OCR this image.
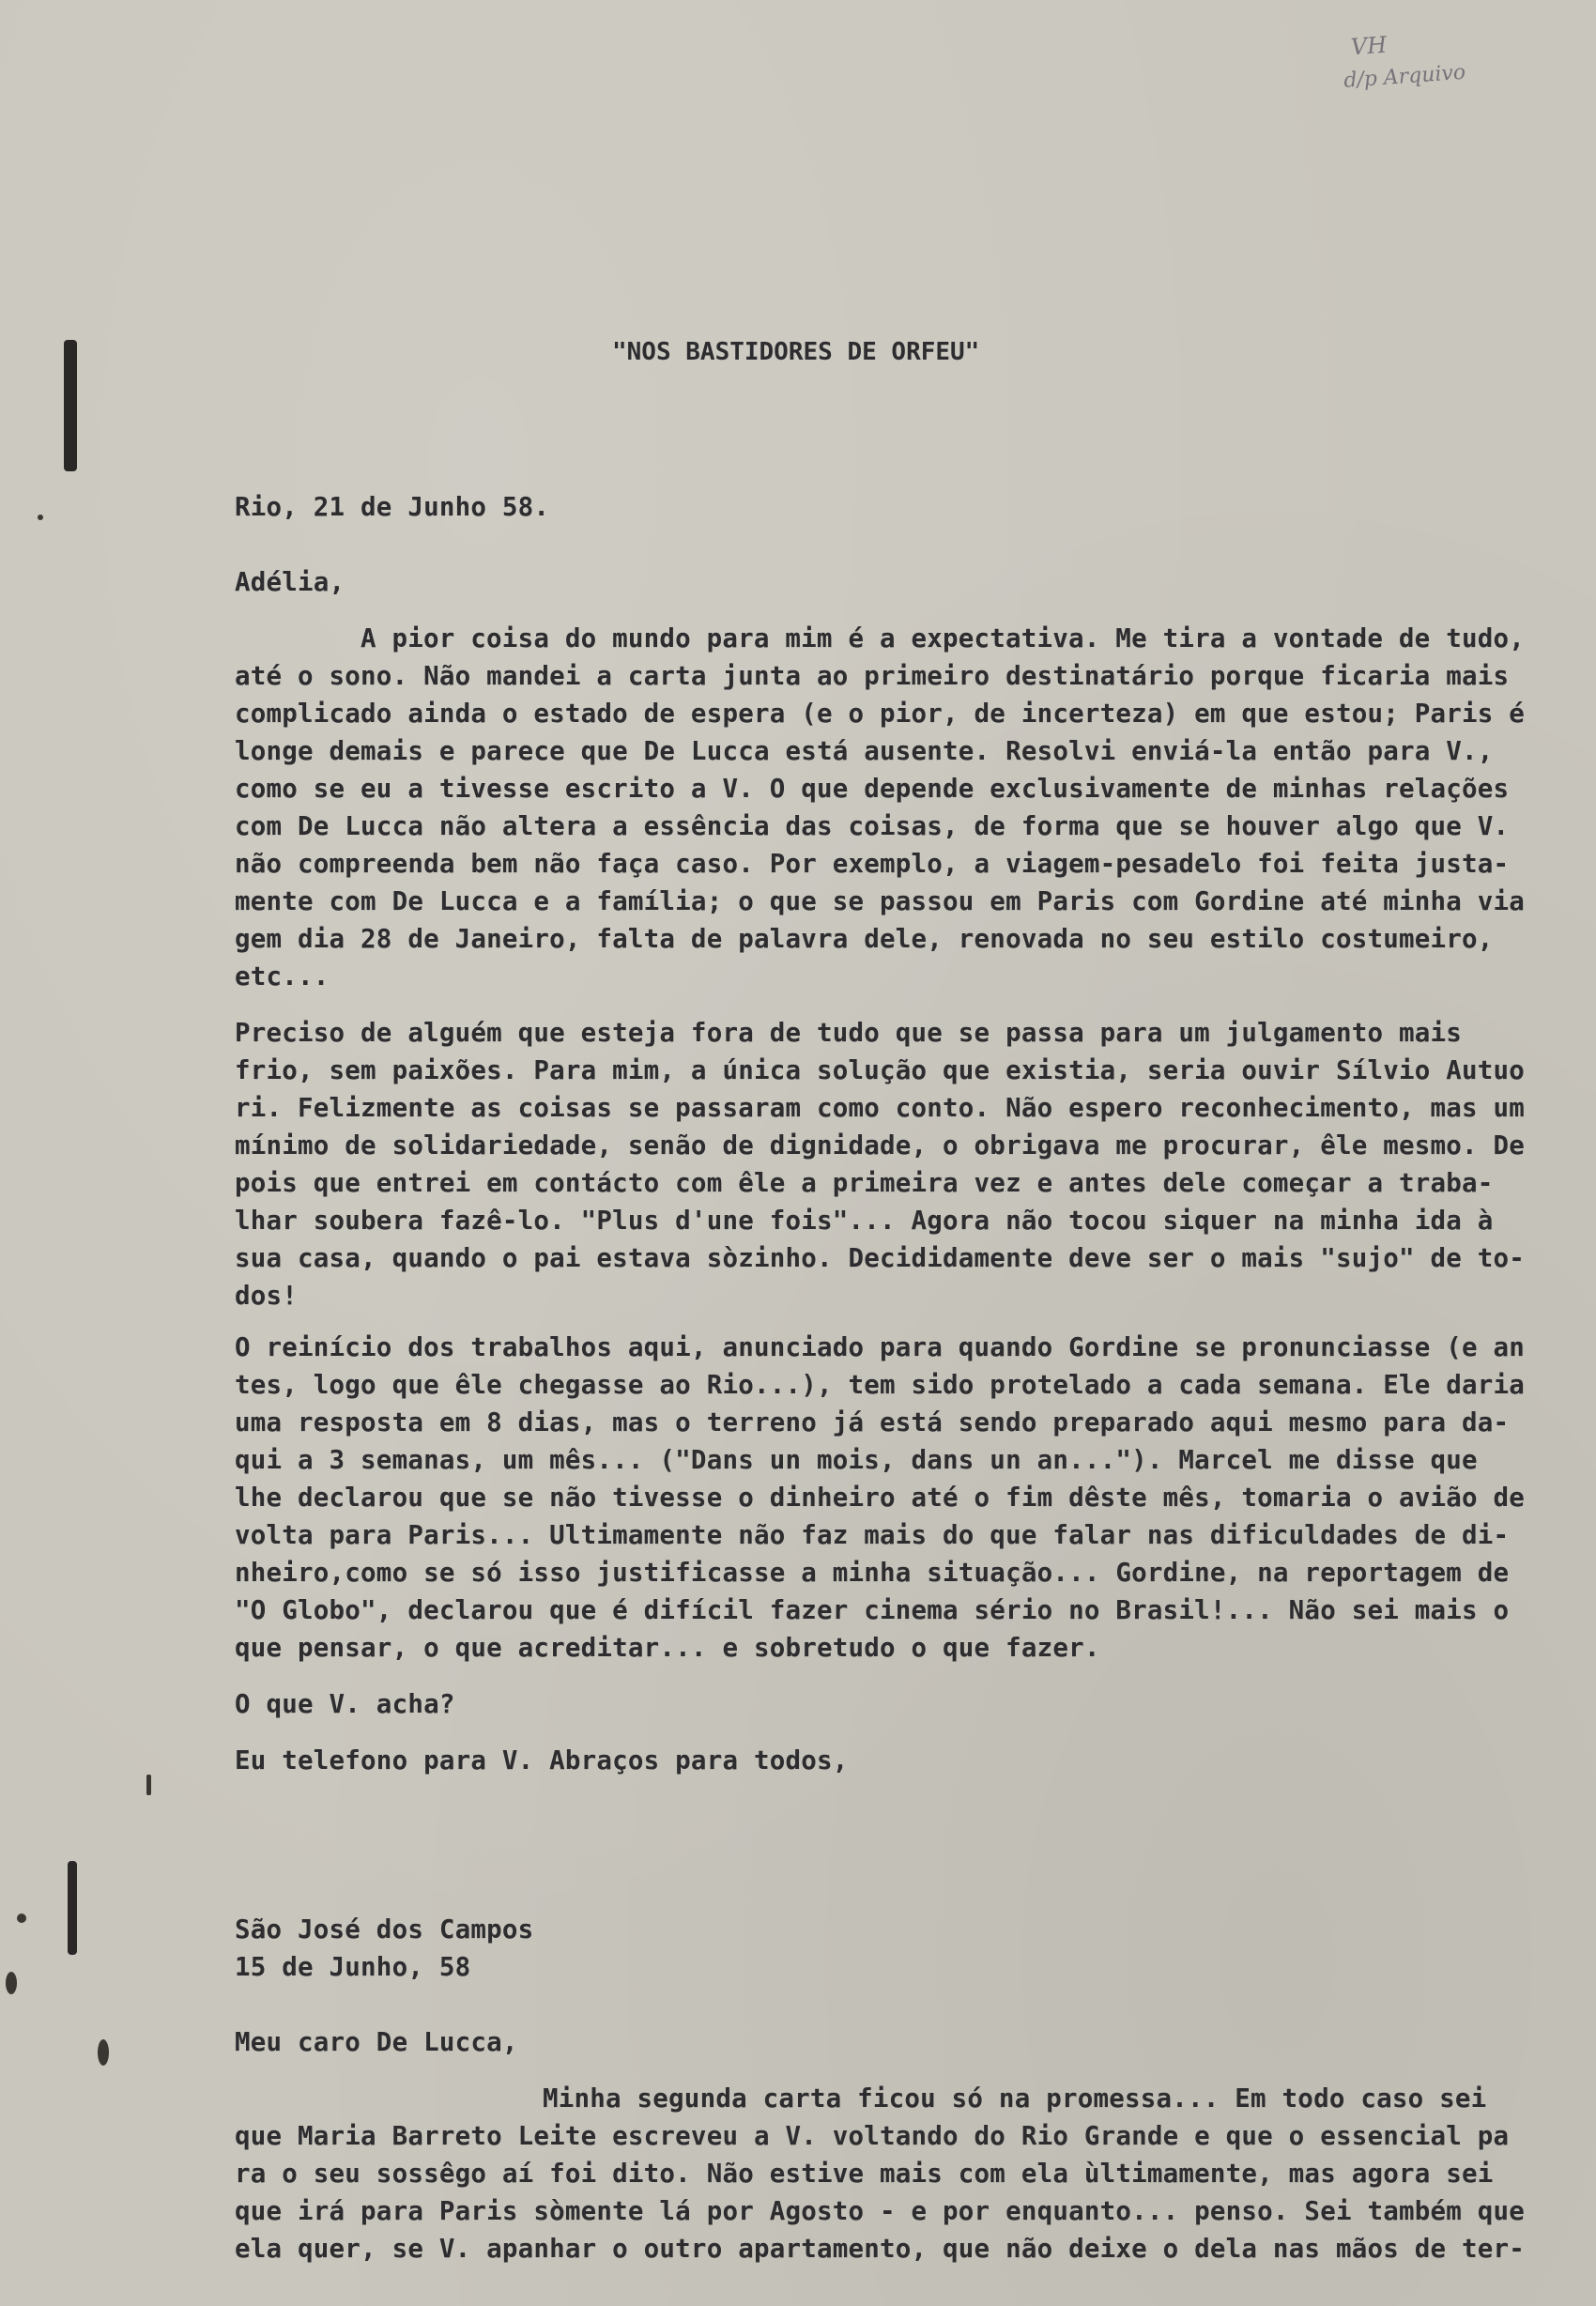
VH
d/p Arquivo
"NOS BASTIDORES DE ORFEU"
Rio, 21 de Junho 58.
Adélia,
A pior coisa do mundo para mim é a expectativa. Me tira a vontade de tudo,
até o sono. Não mandei a carta junta ao primeiro destinatário porque ficaria mais
complicado ainda o estado de espera (e o pior, de incerteza) em que estou; Paris é
longe demais e parece que De Lucca está ausente. Resolvi enviá-la então para V.,
como se eu a tivesse escrito a V. O que depende exclusivamente de minhas relações
com De Lucca não altera a essência das coisas, de forma que se houver algo que V.
não compreenda bem não faça caso. Por exemplo, a viagem-pesadelo foi feita justa-
mente com De Lucca e a família; o que se passou em Paris com Gordine até minha via
gem dia 28 de Janeiro, falta de palavra dele, renovada no seu estilo costumeiro,
etc...
Preciso de alguém que esteja fora de tudo que se passa para um julgamento mais
frio, sem paixões. Para mim, a única solução que existia, seria ouvir Sílvio Autuo
ri. Felizmente as coisas se passaram como conto. Não espero reconhecimento, mas um
mínimo de solidariedade, senão de dignidade, o obrigava me procurar, êle mesmo. De
pois que entrei em contácto com êle a primeira vez e antes dele começar a traba-
lhar soubera fazê-lo. "Plus d'une fois"... Agora não tocou siquer na minha ida à
sua casa, quando o pai estava sòzinho. Decididamente deve ser o mais "sujo" de to-
dos!
O reinício dos trabalhos aqui, anunciado para quando Gordine se pronunciasse (e an
tes, logo que êle chegasse ao Rio...), tem sido protelado a cada semana. Ele daria
uma resposta em 8 dias, mas o terreno já está sendo preparado aqui mesmo para da-
qui a 3 semanas, um mês... ("Dans un mois, dans un an..."). Marcel me disse que
lhe declarou que se não tivesse o dinheiro até o fim dêste mês, tomaria o avião de
volta para Paris... Ultimamente não faz mais do que falar nas dificuldades de di-
nheiro,como se só isso justificasse a minha situação... Gordine, na reportagem de
"O Globo", declarou que é difícil fazer cinema sério no Brasil!... Não sei mais o
que pensar, o que acreditar... e sobretudo o que fazer.
O que V. acha?
Eu telefono para V. Abraços para todos,
São José dos Campos
15 de Junho, 58
Meu caro De Lucca,
Minha segunda carta ficou só na promessa... Em todo caso sei
que Maria Barreto Leite escreveu a V. voltando do Rio Grande e que o essencial pa
ra o seu sossêgo aí foi dito. Não estive mais com ela ùltimamente, mas agora sei
que irá para Paris sòmente lá por Agosto - e por enquanto... penso. Sei também que
ela quer, se V. apanhar o outro apartamento, que não deixe o dela nas mãos de ter-
